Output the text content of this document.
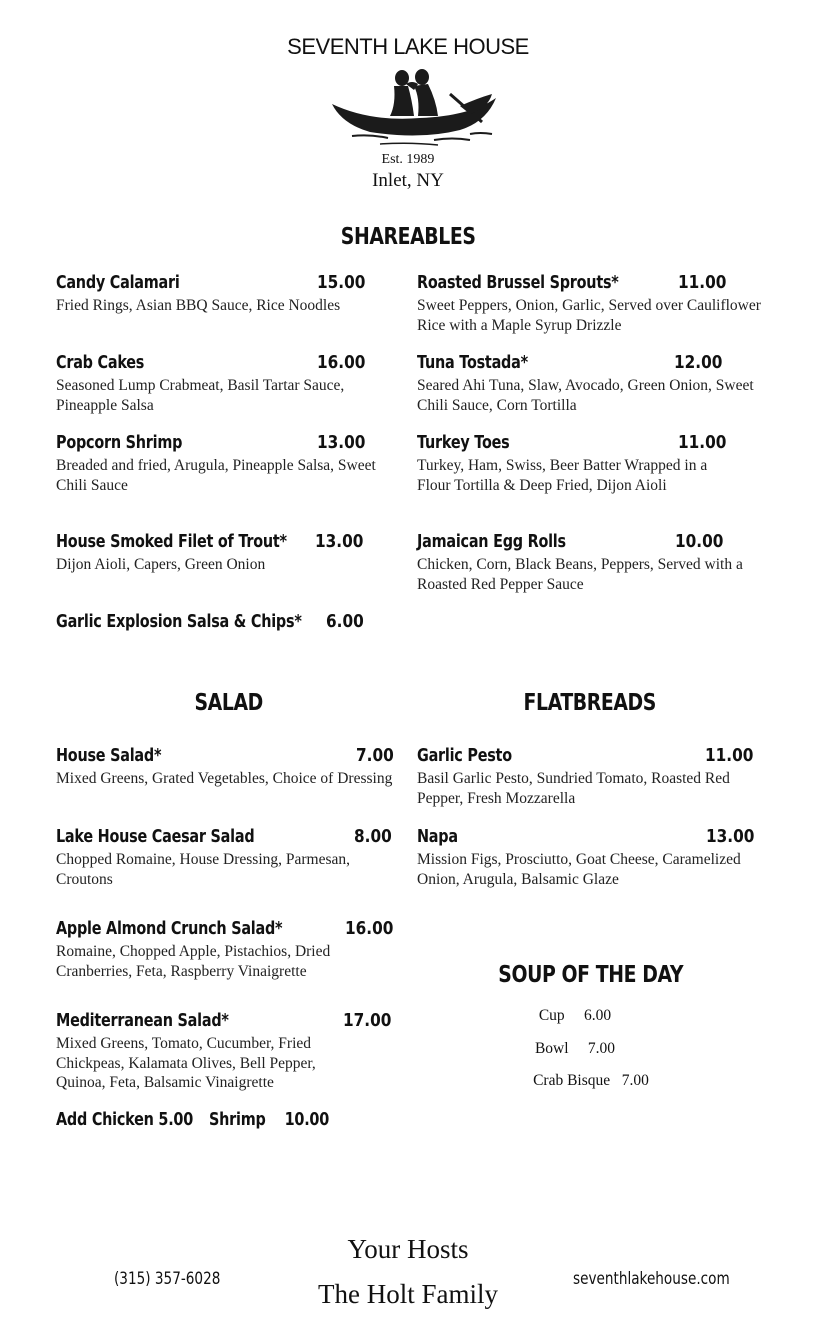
SEVENTH LAKE HOUSE
Est. 1989
Inlet, NY
SHAREABLES
Candy Calamari	15.00
Fried Rings, Asian BBQ Sauce, Rice Noodles
Crab Cakes	16.00
Seasoned Lump Crabmeat, Basil Tartar Sauce, Pineapple Salsa
Popcorn Shrimp	13.00
Breaded and fried, Arugula, Pineapple Salsa, Sweet Chili Sauce
House Smoked Filet of Trout*	13.00
Dijon Aioli, Capers, Green Onion
Garlic Explosion Salsa & Chips*	6.00
Roasted Brussel Sprouts*	11.00
Sweet Peppers, Onion, Garlic, Served over Cauliflower Rice with a Maple Syrup Drizzle
Tuna Tostada*	12.00
Seared Ahi Tuna, Slaw, Avocado, Green Onion, Sweet Chili Sauce, Corn Tortilla
Turkey Toes	11.00
Turkey, Ham, Swiss, Beer Batter Wrapped in a Flour Tortilla & Deep Fried, Dijon Aioli
Jamaican Egg Rolls	10.00
Chicken, Corn, Black Beans, Peppers, Served with a Roasted Red Pepper Sauce
SALAD
House Salad*	7.00
Mixed Greens, Grated Vegetables, Choice of Dressing
Lake House Caesar Salad	8.00
Chopped Romaine, House Dressing, Parmesan, Croutons
Apple Almond Crunch Salad*	16.00
Romaine, Chopped Apple, Pistachios, Dried Cranberries, Feta, Raspberry Vinaigrette
Mediterranean Salad*	17.00
Mixed Greens, Tomato, Cucumber, Fried Chickpeas, Kalamata Olives, Bell Pepper, Quinoa, Feta, Balsamic Vinaigrette
Add Chicken 5.00 Shrimp 10.00
FLATBREADS
Garlic Pesto	11.00
Basil Garlic Pesto, Sundried Tomato, Roasted Red Pepper, Fresh Mozzarella
Napa	13.00
Mission Figs, Prosciutto, Goat Cheese, Caramelized Onion, Arugula, Balsamic Glaze
SOUP OF THE DAY
Cup 6.00
Bowl 7.00
Crab Bisque 7.00
Your Hosts
The Holt Family
(315) 357-6028	seventhlakehouse.com
